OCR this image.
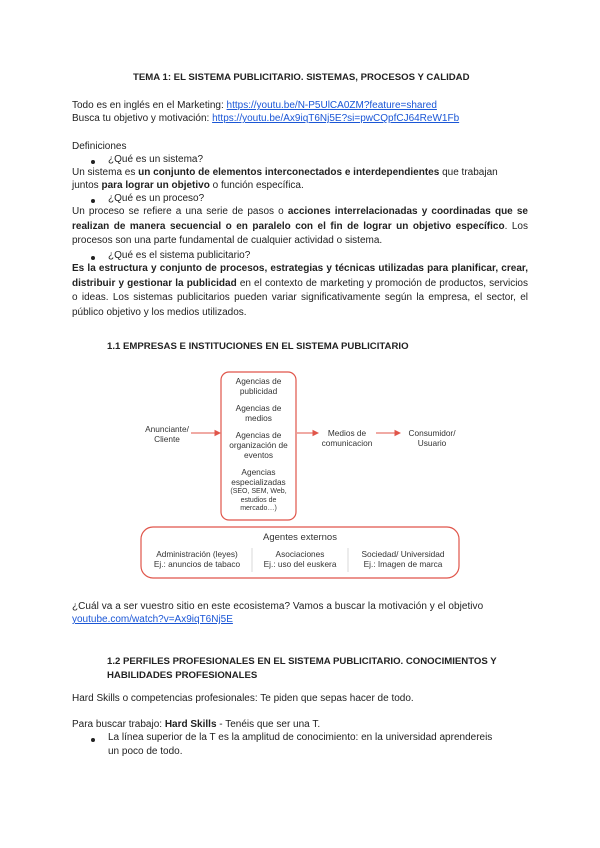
TEMA 1: EL SISTEMA PUBLICITARIO. SISTEMAS, PROCESOS Y CALIDAD
Todo es en inglés en el Marketing: https://youtu.be/N-P5UlCA0ZM?feature=shared
Busca tu objetivo y motivación: https://youtu.be/Ax9iqT6Nj5E?si=pwCQpfCJ64ReW1Fb
Definiciones
¿Qué es un sistema?
Un sistema es un conjunto de elementos interconectados e interdependientes que trabajan
juntos para lograr un objetivo o función específica.
¿Qué es un proceso?
Un proceso se refiere a una serie de pasos o acciones interrelacionadas y coordinadas que se realizan de manera secuencial o en paralelo con el fin de lograr un objetivo específico. Los procesos son una parte fundamental de cualquier actividad o sistema.
¿Qué es el sistema publicitario?
Es la estructura y conjunto de procesos, estrategias y técnicas utilizadas para planificar, crear, distribuir y gestionar la publicidad en el contexto de marketing y promoción de productos, servicios o ideas. Los sistemas publicitarios pueden variar significativamente según la empresa, el sector, el público objetivo y los medios utilizados.
1.1 EMPRESAS E INSTITUCIONES EN EL SISTEMA PUBLICITARIO
Anunciante/
Cliente
Agencias de
publicidad
Agencias de
medios
Agencias de
organización de
eventos
Agencias
especializadas
(SEO, SEM, Web,
estudios de
mercado…)
Medios de
comunicacion
Consumidor/
Usuario
Agentes externos
Administración (leyes)
Ej.: anuncios de tabaco
Asociaciones
Ej.: uso del euskera
Sociedad/ Universidad
Ej.: Imagen de marca
¿Cuál va a ser vuestro sitio en este ecosistema? Vamos a buscar la motivación y el objetivo
youtube.com/watch?v=Ax9iqT6Nj5E
1.2 PERFILES PROFESIONALES EN EL SISTEMA PUBLICITARIO. CONOCIMIENTOS Y
HABILIDADES PROFESIONALES
Hard Skills o competencias profesionales: Te piden que sepas hacer de todo.
Para buscar trabajo: Hard Skills - Tenéis que ser una T.
La línea superior de la T es la amplitud de conocimiento: en la universidad aprendereis
un poco de todo.
